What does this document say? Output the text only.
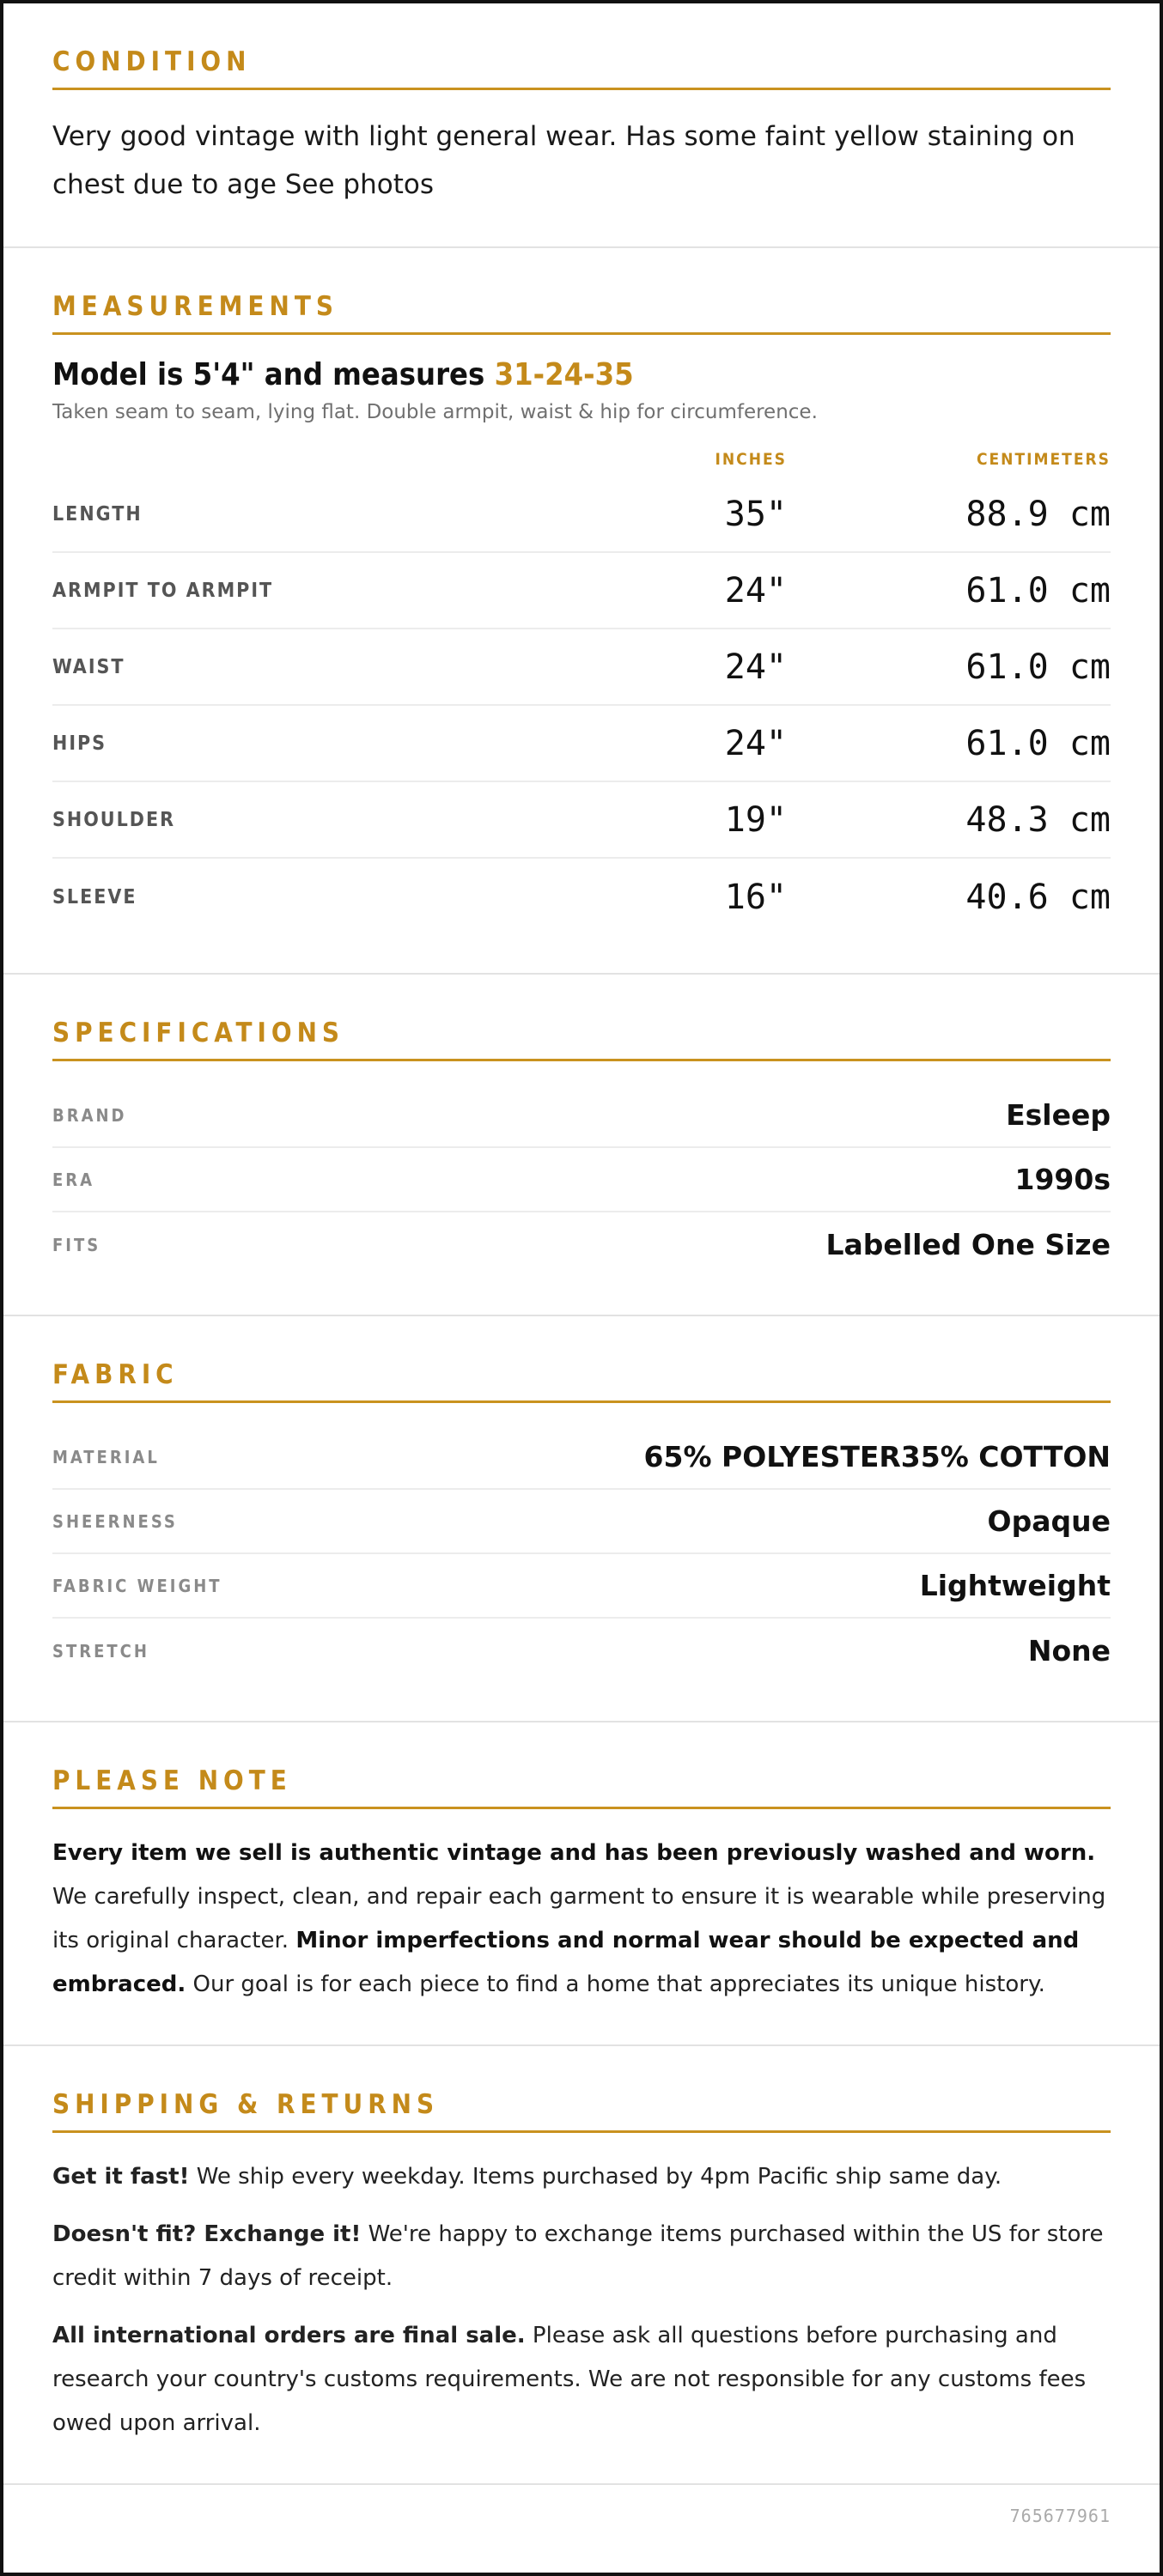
CONDITION
Very good vintage with light general wear. Has some faint yellow staining on chest due to age See photos
MEASUREMENTS
Model is 5'4" and measures 31-24-35
Taken seam to seam, lying flat. Double armpit, waist & hip for circumference.
INCHES	CENTIMETERS
LENGTH	35"	88.9 cm
ARMPIT TO ARMPIT	24"	61.0 cm
WAIST	24"	61.0 cm
HIPS	24"	61.0 cm
SHOULDER	19"	48.3 cm
SLEEVE	16"	40.6 cm
SPECIFICATIONS
BRAND	Esleep
ERA	1990s
FITS	Labelled One Size
FABRIC
MATERIAL	65% POLYESTER35% COTTON
SHEERNESS	Opaque
FABRIC WEIGHT	Lightweight
STRETCH	None
PLEASE NOTE

Every item we sell is authentic vintage and has been previously washed and worn. We carefully inspect, clean, and repair each garment to ensure it is wearable while preserving its original character. Minor imperfections and normal wear should be expected and embraced. Our goal is for each piece to find a home that appreciates its unique history.

SHIPPING & RETURNS

Get it fast! We ship every weekday. Items purchased by 4pm Pacific ship same day.

Doesn't fit? Exchange it! We're happy to exchange items purchased within the US for store credit within 7 days of receipt.

All international orders are final sale. Please ask all questions before purchasing and research your country's customs requirements. We are not responsible for any customs fees owed upon arrival.

765677961
